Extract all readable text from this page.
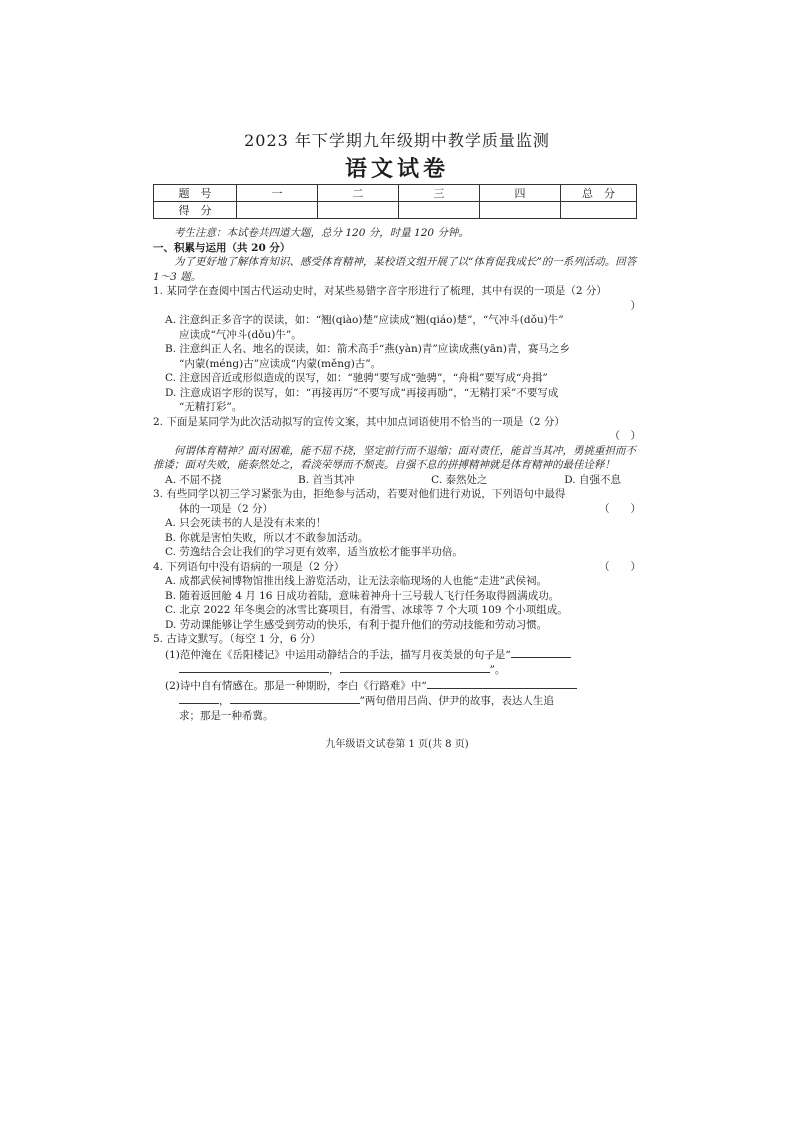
2023 年下学期九年级期中教学质量监测
语文试卷
题　号	一	二	三	四	总　分
得　分					

考生注意：本试卷共四道大题，总分 120 分，时量 120 分钟。

一、积累与运用（共 20 分）

为了更好地了解体育知识、感受体育精神，某校语文组开展了以“体育促我成长”的一系列活动。回答 1～3 题。

1. 某同学在查阅中国古代运动史时，对某些易错字音字形进行了梳理，其中有误的一项是（2 分）

）

A. 注意纠正多音字的误读，如：“翘(qiào)楚”应读成“翘(qiáo)楚”，“气冲斗(dǒu)牛”

应读成“气冲斗(dǒu)牛”。

B. 注意纠正人名、地名的误读，如：箭术高手“燕(yàn)青”应读成燕(yān)青，赛马之乡

“内蒙(méng)古”应读成“内蒙(měng)古”。

C. 注意因音近或形似造成的误写，如：“驰骋”要写成“弛骋”，“舟楫”要写成“舟揖”

D. 注意成语字形的误写，如：“再接再厉”不要写成“再接再励”，“无精打采”不要写成

“无精打彩”。

2. 下面是某同学为此次活动拟写的宣传文案，其中加点词语使用不恰当的一项是（2 分）

（　）

何谓体育精神？面对困难，能不屈不挠，坚定前行而不退缩；面对责任，能首当其冲，勇挑重担而不推诿；面对失败，能泰然处之，看淡荣辱而不颓丧。自强不息的拼搏精神就是体育精神的最佳诠释！

A. 不屈不挠	B. 首当其冲	C. 泰然处之	D. 自强不息

3. 有些同学以初三学习紧张为由，拒绝参与活动，若要对他们进行劝说，下列语句中最得

体的一项是（2 分）	（　　）

A. 只会死读书的人是没有未来的！

B. 你就是害怕失败，所以才不敢参加活动。

C. 劳逸结合会让我们的学习更有效率，适当放松才能事半功倍。

4. 下列语句中没有语病的一项是（2 分）	（　　）

A. 成都武侯祠博物馆推出线上游览活动，让无法亲临现场的人也能“走进”武侯祠。

B. 随着返回舱 4 月 16 日成功着陆，意味着神舟十三号载人飞行任务取得圆满成功。

C. 北京 2022 年冬奥会的冰雪比赛项目，有滑雪、冰球等 7 个大项 109 个小项组成。

D. 劳动课能够让学生感受到劳动的快乐，有利于提升他们的劳动技能和劳动习惯。

5. 古诗文默写。（每空 1 分，6 分）

(1)范仲淹在《岳阳楼记》中运用动静结合的手法，描写月夜美景的句子是“

，	”。

(2)诗中自有情感在。那是一种期盼，李白《行路难》中“

，	”两句借用吕尚、伊尹的故事，表达人生追

求；那是一种希冀。

九年级语文试卷第 1 页(共 8 页)
